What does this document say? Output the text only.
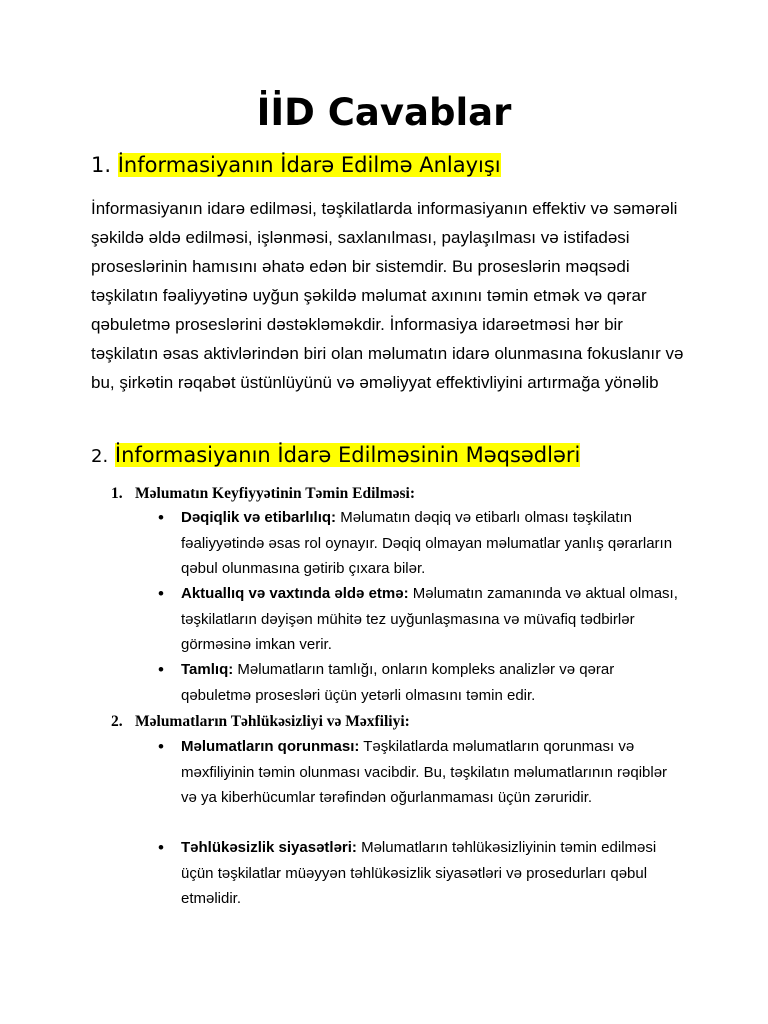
İİD Cavablar
1. İnformasiyanın İdarə Edilmə Anlayışı
İnformasiyanın idarə edilməsi, təşkilatlarda informasiyanın effektiv və səmərəli şəkildə əldə edilməsi, işlənməsi, saxlanılması, paylaşılması və istifadəsi proseslərinin hamısını əhatə edən bir sistemdir. Bu proseslərin məqsədi təşkilatın fəaliyyətinə uyğun şəkildə məlumat axınını təmin etmək və qərar qəbuletmə proseslərini dəstəkləməkdir. İnformasiya idarəetməsi hər bir təşkilatın əsas aktivlərindən biri olan məlumatın idarə olunmasına fokuslanır və bu, şirkətin rəqabət üstünlüyünü və əməliyyat effektivliyini artırmağa yönəlib
2. İnformasiyanın İdarə Edilməsinin Məqsədləri
1. Məlumatın Keyfiyyətinin Təmin Edilməsi:
• Dəqiqlik və etibarlılıq: Məlumatın dəqiq və etibarlı olması təşkilatın fəaliyyətində əsas rol oynayır. Dəqiq olmayan məlumatlar yanlış qərarların qəbul olunmasına gətirib çıxara bilər.
• Aktuallıq və vaxtında əldə etmə: Məlumatın zamanında və aktual olması, təşkilatların dəyişən mühitə tez uyğunlaşmasına və müvafiq tədbirlər görməsinə imkan verir.
• Tamlıq: Məlumatların tamlığı, onların kompleks analizlər və qərar qəbuletmə prosesləri üçün yetərli olmasını təmin edir.
2. Məlumatların Təhlükəsizliyi və Məxfiliyi:
• Məlumatların qorunması: Təşkilatlarda məlumatların qorunması və məxfiliyinin təmin olunması vacibdir. Bu, təşkilatın məlumatlarının rəqiblər və ya kiberhücumlar tərəfindən oğurlanmaması üçün zəruridir.
• Təhlükəsizlik siyasətləri: Məlumatların təhlükəsizliyinin təmin edilməsi üçün təşkilatlar müəyyən təhlükəsizlik siyasətləri və prosedurları qəbul etməlidir.
